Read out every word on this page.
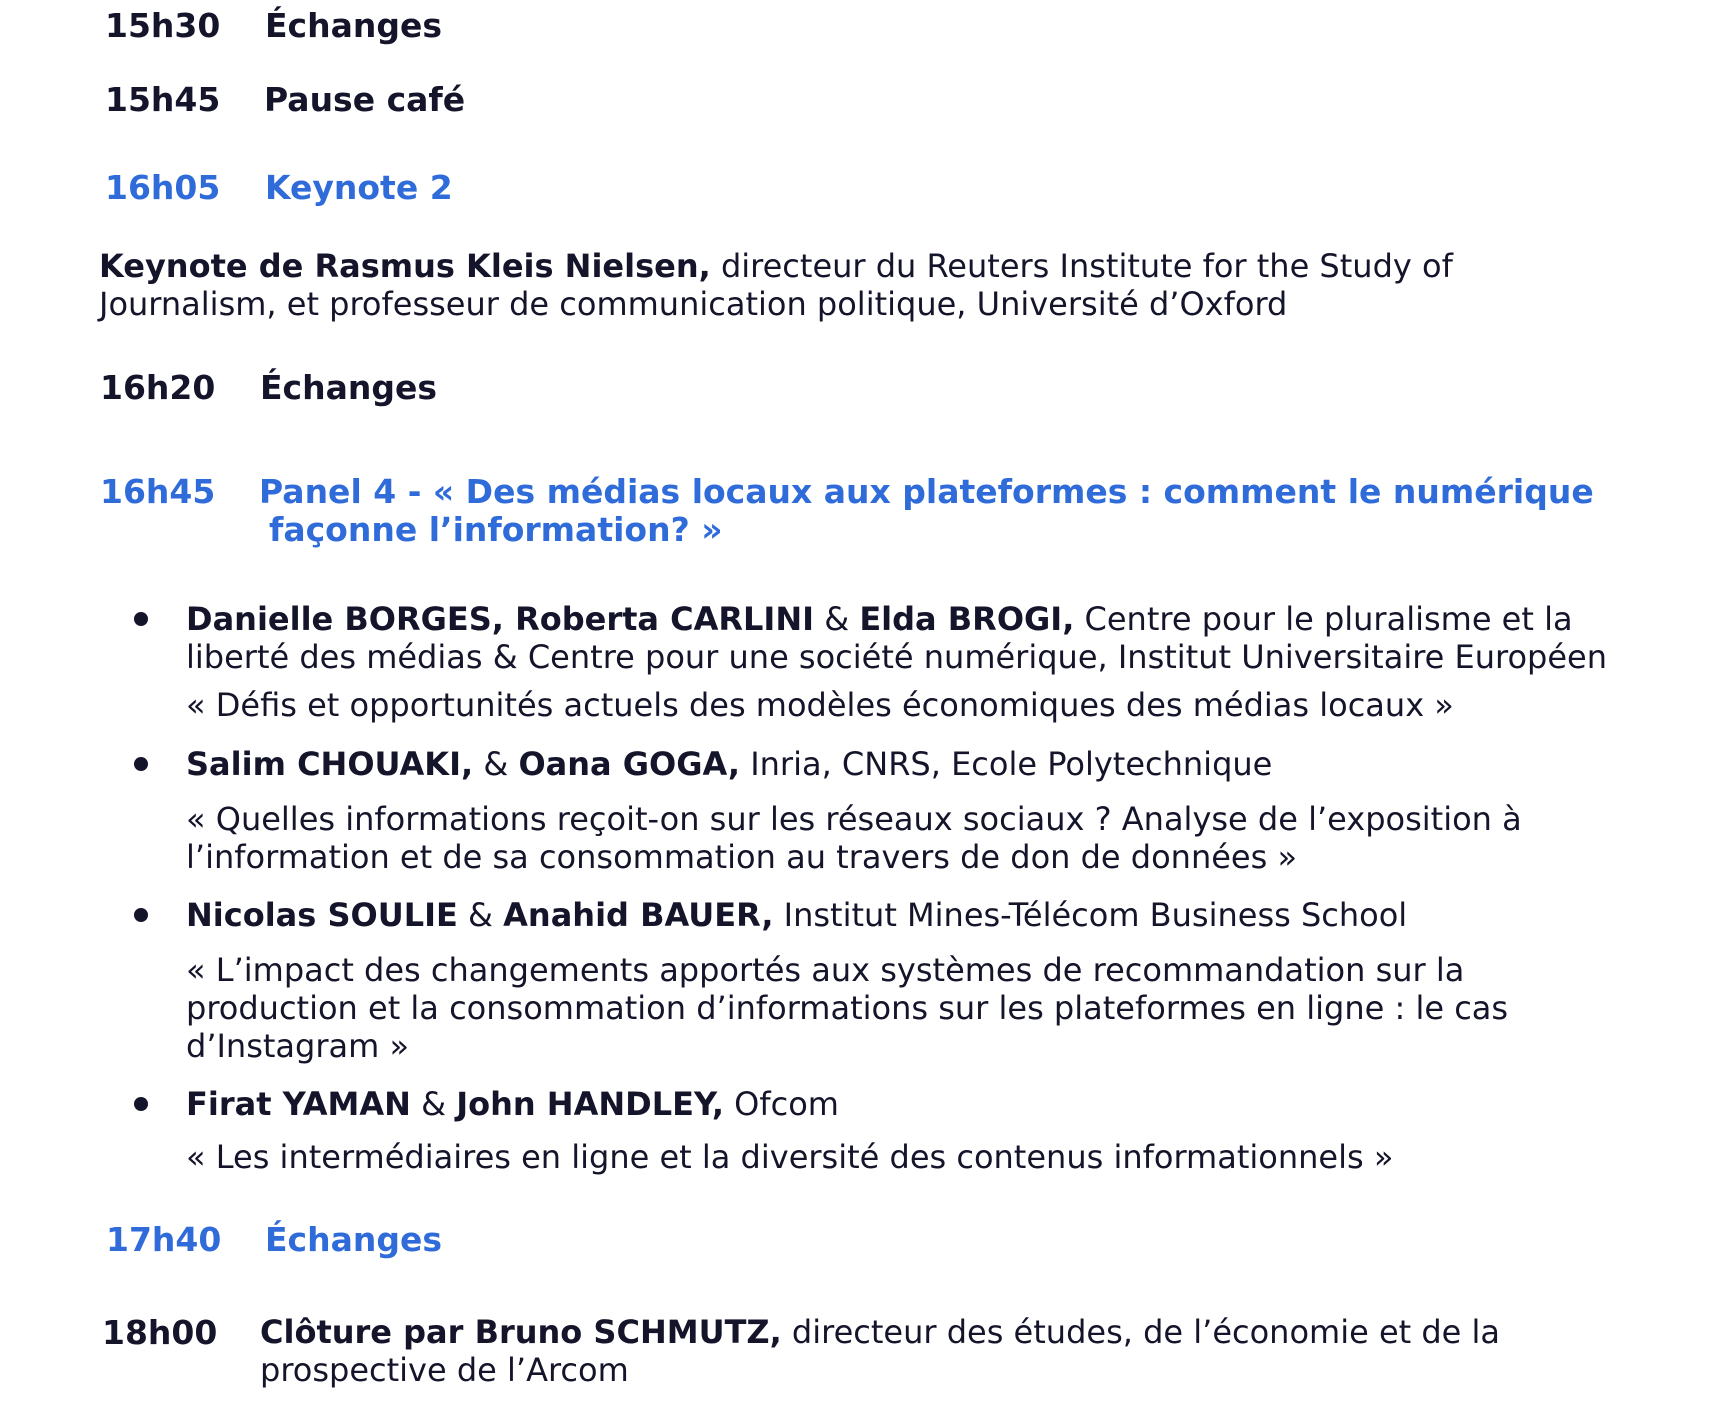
15h30 Échanges
15h45 Pause café
16h05 Keynote 2
Keynote de Rasmus Kleis Nielsen, directeur du Reuters Institute for the Study of
Journalism, et professeur de communication politique, Université d’Oxford
16h20 Échanges
16h45 Panel 4 - « Des médias locaux aux plateformes : comment le numérique
façonne l’information? »
Danielle BORGES, Roberta CARLINI & Elda BROGI, Centre pour le pluralisme et la
liberté des médias & Centre pour une société numérique, Institut Universitaire Européen
« Défis et opportunités actuels des modèles économiques des médias locaux »
Salim CHOUAKI, & Oana GOGA, Inria, CNRS, Ecole Polytechnique
« Quelles informations reçoit-on sur les réseaux sociaux ? Analyse de l’exposition à
l’information et de sa consommation au travers de don de données »
Nicolas SOULIE & Anahid BAUER, Institut Mines-Télécom Business School
« L’impact des changements apportés aux systèmes de recommandation sur la
production et la consommation d’informations sur les plateformes en ligne : le cas
d’Instagram »
Firat YAMAN & John HANDLEY, Ofcom
« Les intermédiaires en ligne et la diversité des contenus informationnels »
17h40 Échanges
18h00 Clôture par Bruno SCHMUTZ, directeur des études, de l’économie et de la
prospective de l’Arcom
